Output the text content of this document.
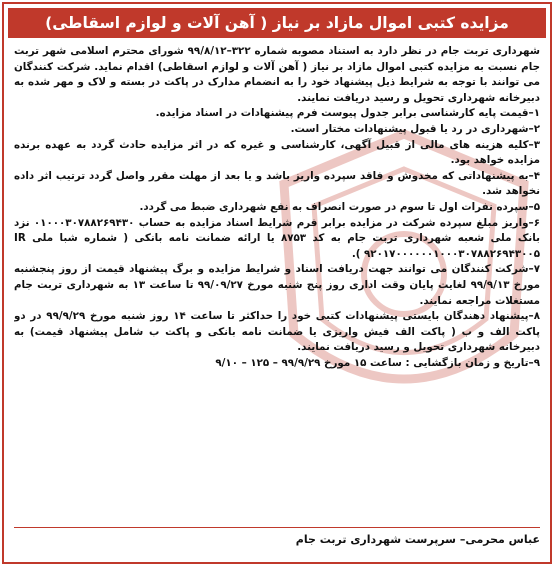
مزایده کتبی اموال مازاد بر نیاز ( آهن آلات و لوازم اسقاطی)

شهرداری تربت جام در نظر دارد به استناد مصوبه شماره ۳۲۲–۹۹/۸/۱۲ شورای محترم اسلامی شهر تربت جام نسبت به مزایده کتبی اموال مازاد بر نیاز ( آهن آلات و لوازم اسقاطی) اقدام نماید. شرکت کنندگان می توانند با توجه به شرایط ذیل پیشنهاد خود را به انضمام مدارک در پاکت در بسته و لاک و مهر شده به دبیرخانه شهرداری تحویل و رسید دریافت نمایند.

۱–قیمت پایه کارشناسی برابر جدول پیوست فرم پیشنهادات در اسناد مزایده.

۲–شهرداری در رد یا قبول پیشنهادات مختار است.

۳–کلیه هزینه های مالی از قبیل آگهی، کارشناسی و غیره که در اثر مزایده حادث گردد به عهده برنده مزایده خواهد بود.

۴–به پیشنهاداتی که مخدوش و فاقد سپرده واریز باشد و یا بعد از مهلت مقرر واصل گردد ترتیب اثر داده نخواهد شد.

۵–سپرده نفرات اول تا سوم در صورت انصراف به نفع شهرداری ضبط می گردد.

۶–واریز مبلغ سپرده شرکت در مزایده برابر فرم شرایط اسناد مزایده به حساب ۰۱۰۰۰۳۰۷۸۸۲۶۹۴۳۰ نزد بانک ملی شعبه شهرداری تربت جام به کد ۸۷۵۳ یا ارائه ضمانت نامه بانکی ( شماره شبا ملی IR ۹۲۰۱۷۰۰۰۰۰۰۱۰۰۰۳۰۷۸۸۲۶۹۴۳۰۰۵ ).

۷–شرکت کنندگان می توانند جهت دریافت اسناد و شرایط مزایده و برگ پیشنهاد قیمت از روز پنجشنبه مورخ ۹۹/۹/۱۳ لغایت پایان وقت اداری روز پنج شنبه مورخ ۹۹/۰۹/۲۷ تا ساعت ۱۳ به شهرداری تربت جام مستغلات مراجعه نمایند.

۸–پیشنهاد دهندگان بایستی پیشنهادات کتبی خود را حداکثر تا ساعت ۱۴ روز شنبه مورخ ۹۹/۹/۲۹ در دو پاکت الف و ب ( پاکت الف فیش واریزی یا ضمانت نامه بانکی و پاکت ب شامل پیشنهاد قیمت) به دبیرخانه شهرداری تحویل و رسید دریافت نمایند.

۹–تاریخ و زمان بازگشایی : ساعت ۱۵ مورخ ۹۹/۹/۲۹ – ۱۲۵ – ۹/۱۰

عباس محرمی– سرپرست شهرداری تربت جام
